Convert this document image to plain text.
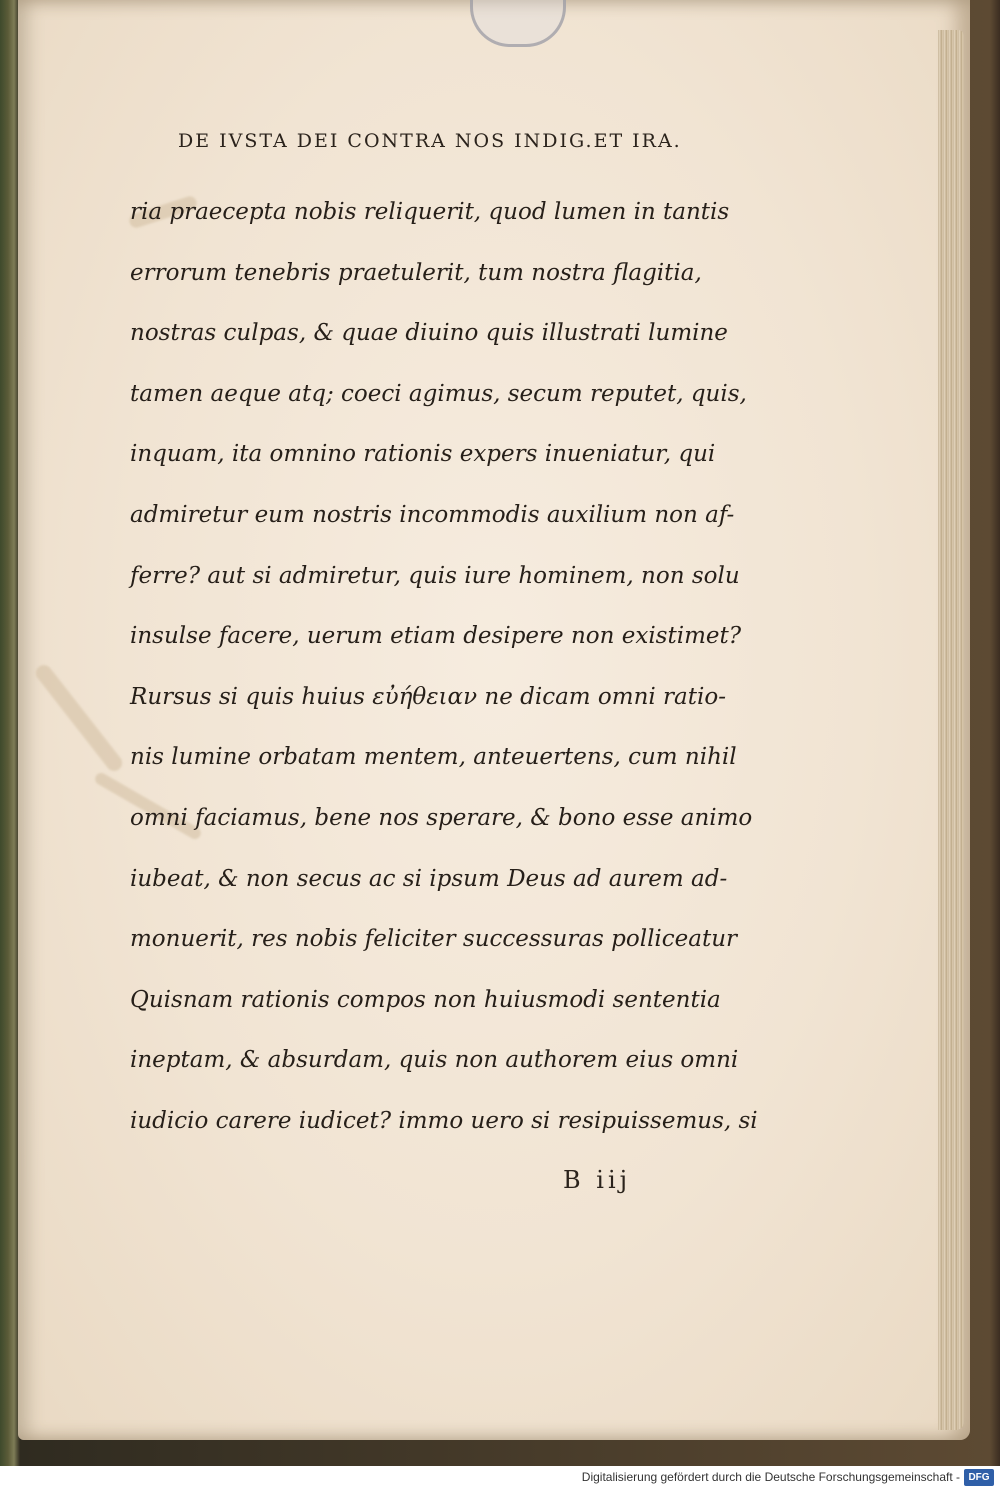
DE IVSTA DEI CONTRA NOS INDIG.ET IRA.
ria praecepta nobis reliquerit, quod lumen in tantis
errorum tenebris praetulerit, tum nostra flagitia,
nostras culpas, & quae diuino quis illustrati lumine
tamen aeque atq; coeci agimus, secum reputet, quis,
inquam, ita omnino rationis expers inueniatur, qui
admiretur eum nostris incommodis auxilium non af-
ferre? aut si admiretur, quis iure hominem, non solu
insulse facere, uerum etiam desipere non existimet?
Rursus si quis huius εὐήθειαν ne dicam omni ratio-
nis lumine orbatam mentem, anteuertens, cum nihil
omni faciamus, bene nos sperare, & bono esse animo
iubeat, & non secus ac si ipsum Deus ad aurem ad-
monuerit, res nobis feliciter successuras polliceatur
Quisnam rationis compos non huiusmodi sententia
ineptam, & absurdam, quis non authorem eius omni
iudicio carere iudicet? immo uero si resipuissemus, si
B iij
Digitalisierung gefördert durch die Deutsche Forschungsgemeinschaft - DFG
